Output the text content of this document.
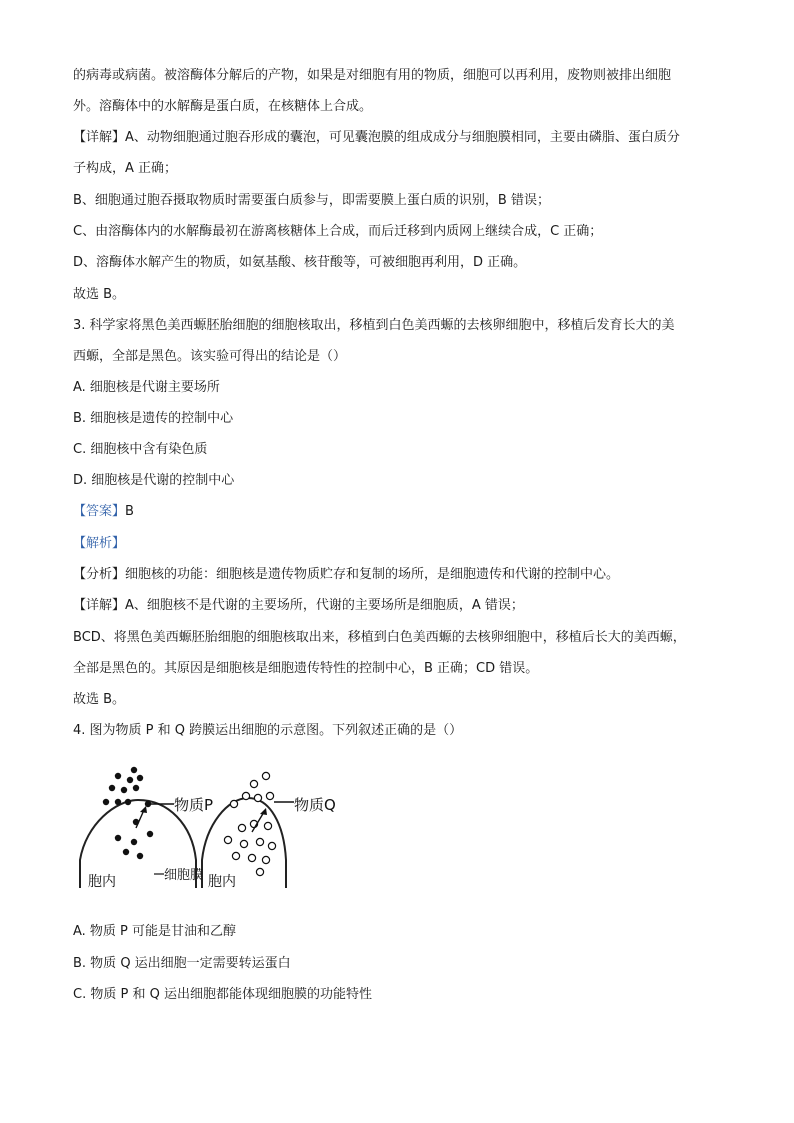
的病毒或病菌。被溶酶体分解后的产物，如果是对细胞有用的物质，细胞可以再利用，废物则被排出细胞
外。溶酶体中的水解酶是蛋白质，在核糖体上合成。
【详解】A、动物细胞通过胞吞形成的囊泡，可见囊泡膜的组成成分与细胞膜相同，主要由磷脂、蛋白质分
子构成，A 正确；
B、细胞通过胞吞摄取物质时需要蛋白质参与，即需要膜上蛋白质的识别，B 错误；
C、由溶酶体内的水解酶最初在游离核糖体上合成，而后迁移到内质网上继续合成，C 正确；
D、溶酶体水解产生的物质，如氨基酸、核苷酸等，可被细胞再利用，D 正确。
故选 B。
3. 科学家将黑色美西螈胚胎细胞的细胞核取出，移植到白色美西螈的去核卵细胞中，移植后发育长大的美
西螈，全部是黑色。该实验可得出的结论是（）
A. 细胞核是代谢主要场所
B. 细胞核是遗传的控制中心
C. 细胞核中含有染色质
D. 细胞核是代谢的控制中心
【答案】B
【解析】
【分析】细胞核的功能：细胞核是遗传物质贮存和复制的场所，是细胞遗传和代谢的控制中心。
【详解】A、细胞核不是代谢的主要场所，代谢的主要场所是细胞质，A 错误；
BCD、将黑色美西螈胚胎细胞的细胞核取出来，移植到白色美西螈的去核卵细胞中，移植后长大的美西螈，
全部是黑色的。其原因是细胞核是细胞遗传特性的控制中心，B 正确；CD 错误。
故选 B。
4. 图为物质 P 和 Q 跨膜运出细胞的示意图。下列叙述正确的是（）
物质P	物质Q
胞内	细胞膜 胞内
A. 物质 P 可能是甘油和乙醇
B. 物质 Q 运出细胞一定需要转运蛋白
C. 物质 P 和 Q 运出细胞都能体现细胞膜的功能特性
